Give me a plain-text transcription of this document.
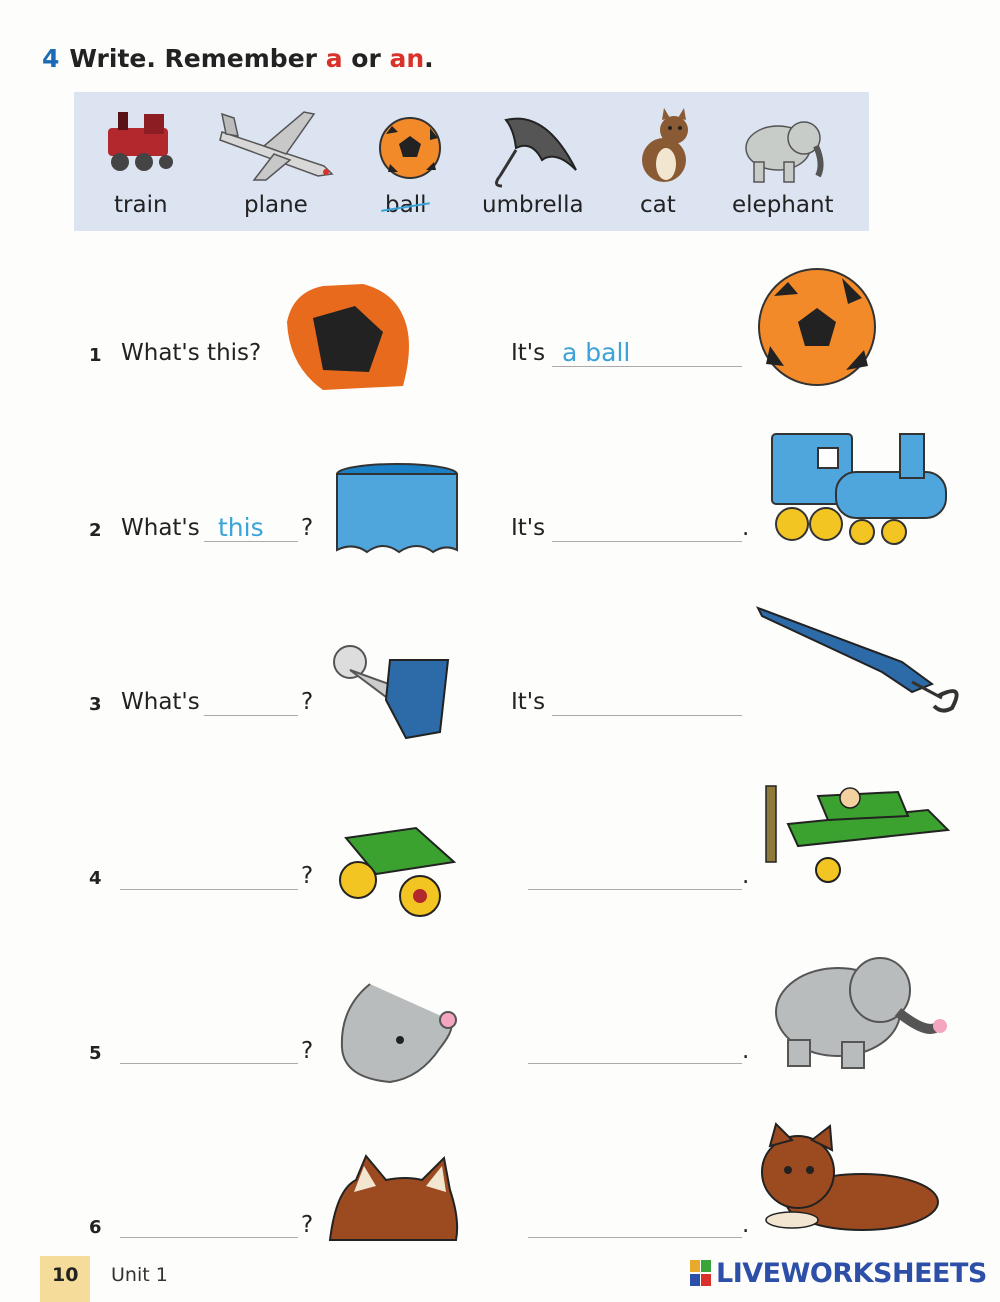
4 Write. Remember a or an.
train	plane	ball umbrella cat elephant
1 What's this?	It's a ball
2 What's this ?	It's	.
3 What's	?	It's
4	?	.
5	?	.
6	?	.
10 Unit 1	LIVEWORKSHEETS
